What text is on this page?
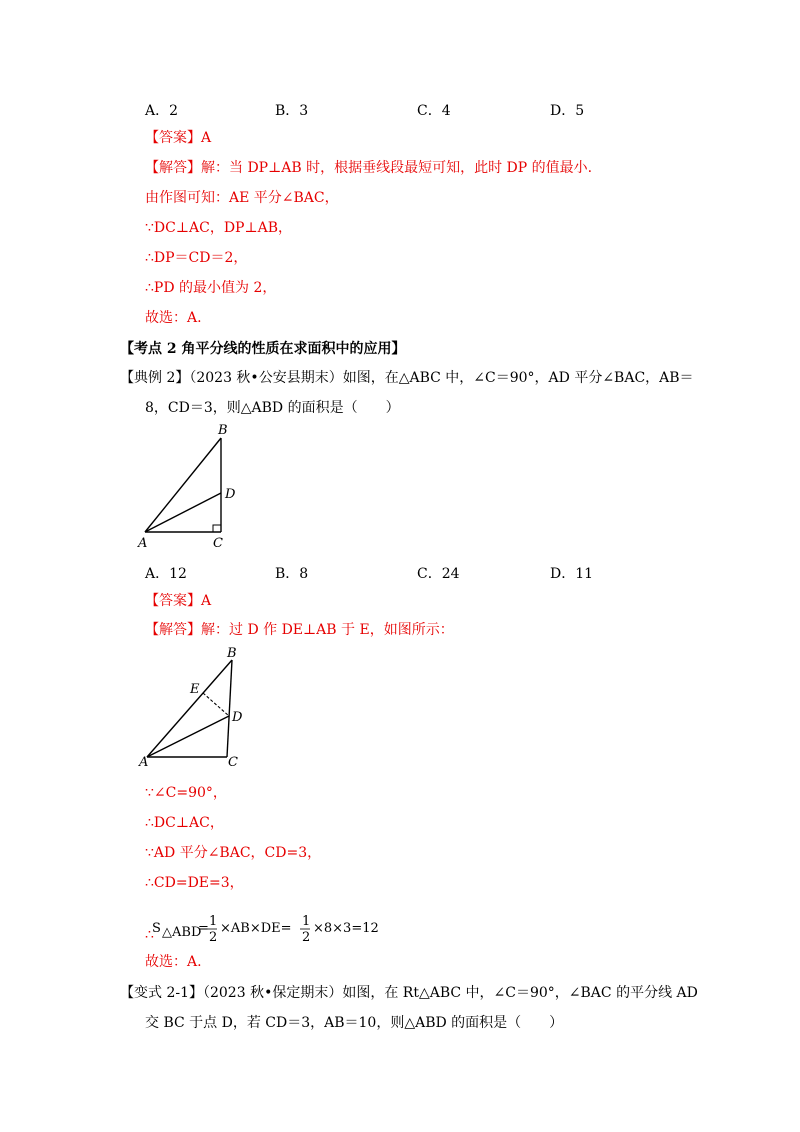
A．2	B．3	C．4	D．5
【答案】A
【解答】解：当 DP⊥AB 时，根据垂线段最短可知，此时 DP 的值最小.
由作图可知：AE 平分∠BAC，
∵DC⊥AC，DP⊥AB，
∴DP＝CD＝2，
∴PD 的最小值为 2，
故选：A.
【考点 2 角平分线的性质在求面积中的应用】
【典例 2】（2023 秋•公安县期末）如图，在△ABC 中，∠C＝90°，AD 平分∠BAC，AB＝
8，CD＝3，则△ABD 的面积是（　　）
B
D
A	C
A．12	B．8	C．24	D．11
【答案】A
【解答】解：过 D 作 DE⊥AB 于 E，如图所示：
B
E
D
A	C
∵∠C=90°，
∴DC⊥AC，
∵AD 平分∠BAC，CD=3，
∴CD=DE=3，
∴
S △ABD
= 1
2
×AB×DE= 1
2
×8×3=12
故选：A.
【变式 2-1】（2023 秋•保定期末）如图，在 Rt△ABC 中，∠C＝90°，∠BAC 的平分线 AD
交 BC 于点 D，若 CD＝3，AB＝10，则△ABD 的面积是（　　）
